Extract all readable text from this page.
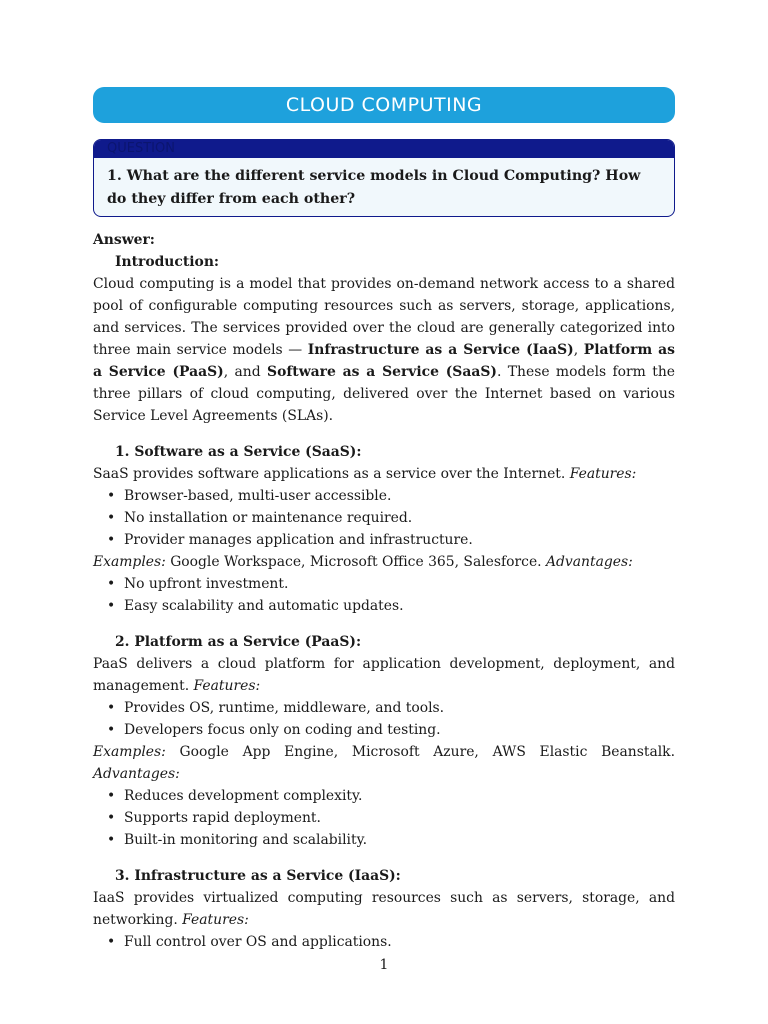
CLOUD COMPUTING
QUESTION
1. What are the different service models in Cloud Computing? How do they differ from each other?

Answer:

Introduction:

Cloud computing is a model that provides on-demand network access to a shared pool of configurable computing resources such as servers, storage, applications, and services. The services provided over the cloud are generally categorized into three main service models — Infrastructure as a Service (IaaS), Platform as a Service (PaaS), and Software as a Service (SaaS). These models form the three pillars of cloud computing, delivered over the Internet based on various Service Level Agreements (SLAs).

1. Software as a Service (SaaS):

SaaS provides software applications as a service over the Internet. Features:

• Browser-based, multi-user accessible.
• No installation or maintenance required.
• Provider manages application and infrastructure.

Examples: Google Workspace, Microsoft Office 365, Salesforce. Advantages:

• No upfront investment.
• Easy scalability and automatic updates.

2. Platform as a Service (PaaS):

PaaS delivers a cloud platform for application development, deployment, and management. Features:

• Provides OS, runtime, middleware, and tools.
• Developers focus only on coding and testing.

Examples: Google App Engine, Microsoft Azure, AWS Elastic Beanstalk. Advantages:

• Reduces development complexity.
• Supports rapid deployment.
• Built-in monitoring and scalability.

3. Infrastructure as a Service (IaaS):

IaaS provides virtualized computing resources such as servers, storage, and networking. Features:

• Full control over OS and applications.
1
